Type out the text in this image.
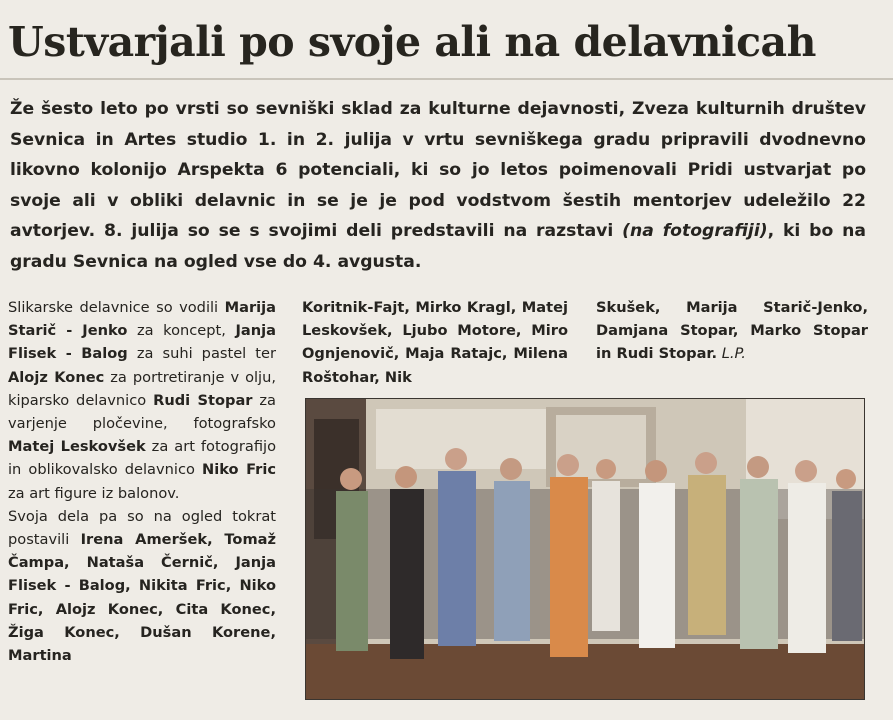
Ustvarjali po svoje ali na delavnicah

Že šesto leto po vrsti so sevniški sklad za kulturne dejavnosti, Zveza kulturnih društev Sevnica in Artes studio 1. in 2. julija v vrtu sevniškega gradu pripravili dvodnevno likovno kolonijo Arspekta 6 potenciali, ki so jo letos poimenovali Pridi ustvarjat po svoje ali v obliki delavnic in se je je pod vodstvom šestih mentorjev udeležilo 22 avtorjev. 8. julija so se s svojimi deli predstavili na razstavi (na fotografiji), ki bo na gradu Sevnica na ogled vse do 4. avgusta.

Slikarske delavnice so vodili Marija Starič - Jenko za koncept, Janja Flisek - Balog za suhi pastel ter Alojz Konec za portretiranje v olju, kiparsko delavnico Rudi Stopar za varjenje pločevine, fotografsko Matej Leskovšek za art fotografijo in oblikovalsko delavnico Niko Fric za art figure iz balonov.

Svoja dela pa so na ogled tokrat postavili Irena Ameršek, Tomaž Čampa, Nataša Černič, Janja Flisek - Balog, Nikita Fric, Niko Fric, Alojz Konec, Cita Konec, Žiga Konec, Dušan Korene, Martina

Koritnik-Fajt, Mirko Kragl, Matej Leskovšek, Ljubo Motore, Miro Ognjenovič, Maja Ratajc, Milena Roštohar, Nik

Skušek, Marija Starič-Jenko, Damjana Stopar, Marko Stopar in Rudi Stopar. L.P.
